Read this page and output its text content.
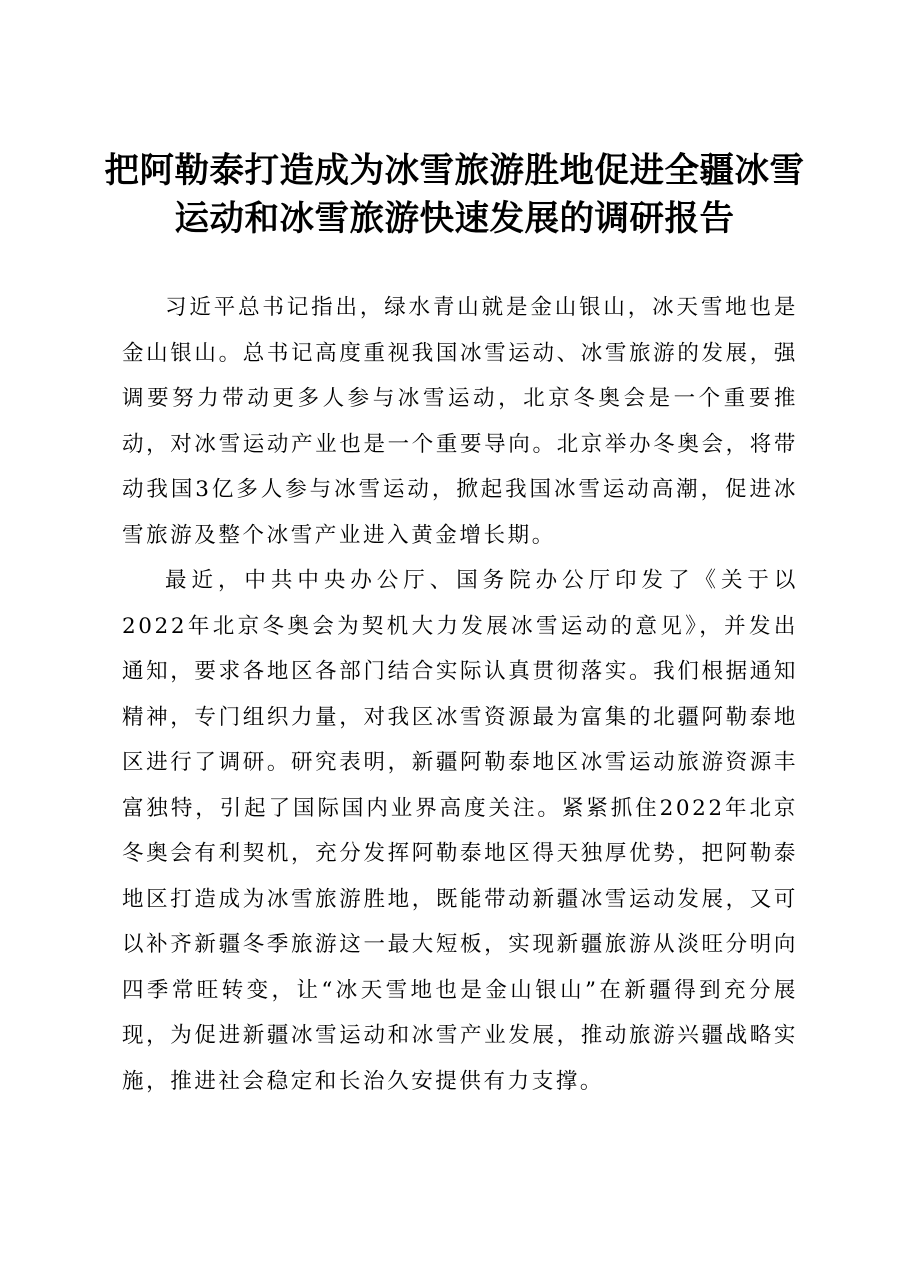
把阿勒泰打造成为冰雪旅游胜地促进全疆冰雪运动和冰雪旅游快速发展的调研报告

习近平总书记指出，绿水青山就是金山银山，冰天雪地也是金山银山。总书记高度重视我国冰雪运动、冰雪旅游的发展，强调要努力带动更多人参与冰雪运动，北京冬奥会是一个重要推动，对冰雪运动产业也是一个重要导向。北京举办冬奥会，将带动我国3亿多人参与冰雪运动，掀起我国冰雪运动高潮，促进冰雪旅游及整个冰雪产业进入黄金增长期。

最近，中共中央办公厅、国务院办公厅印发了《关于以2022年北京冬奥会为契机大力发展冰雪运动的意见》，并发出通知，要求各地区各部门结合实际认真贯彻落实。我们根据通知精神，专门组织力量，对我区冰雪资源最为富集的北疆阿勒泰地区进行了调研。研究表明，新疆阿勒泰地区冰雪运动旅游资源丰富独特，引起了国际国内业界高度关注。紧紧抓住2022年北京冬奥会有利契机，充分发挥阿勒泰地区得天独厚优势，把阿勒泰地区打造成为冰雪旅游胜地，既能带动新疆冰雪运动发展，又可以补齐新疆冬季旅游这一最大短板，实现新疆旅游从淡旺分明向四季常旺转变，让“冰天雪地也是金山银山”在新疆得到充分展现，为促进新疆冰雪运动和冰雪产业发展，推动旅游兴疆战略实施，推进社会稳定和长治久安提供有力支撑。
